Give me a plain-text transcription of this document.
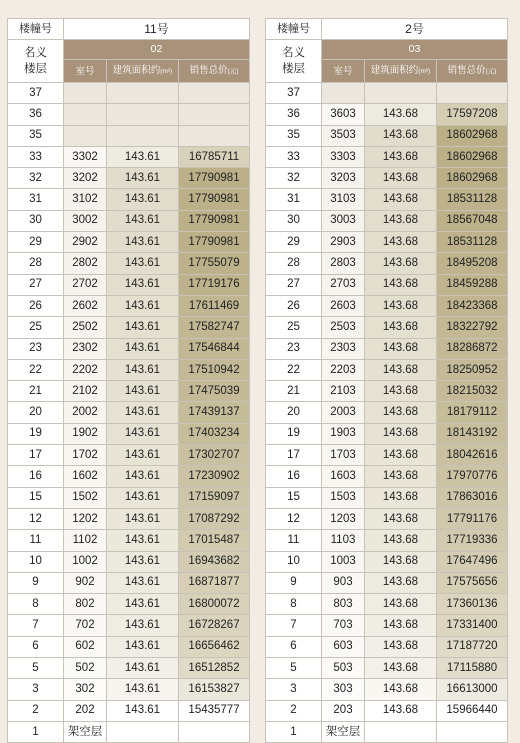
楼幢号	11号		

名义
楼层	02		
	室号	建筑面积约(m²)	销售总价(元)
37			
36			
35			
33	3302	143.61	16785711
32	3202	143.61	17790981
31	3102	143.61	17790981
30	3002	143.61	17790981
29	2902	143.61	17790981
28	2802	143.61	17755079
27	2702	143.61	17719176
26	2602	143.61	17611469
25	2502	143.61	17582747
23	2302	143.61	17546844
22	2202	143.61	17510942
21	2102	143.61	17475039
20	2002	143.61	17439137
19	1902	143.61	17403234
17	1702	143.61	17302707
16	1602	143.61	17230902
15	1502	143.61	17159097
12	1202	143.61	17087292
11	1102	143.61	17015487
10	1002	143.61	16943682
9	902	143.61	16871877
8	802	143.61	16800072
7	702	143.61	16728267
6	602	143.61	16656462
5	502	143.61	16512852
3	302	143.61	16153827
2	202	143.61	15435777
1	架空层		
楼幢号	2号		

名义
楼层	03		
	室号	建筑面积约(m²)	销售总价(元)
37			
36	3603	143.68	17597208
35	3503	143.68	18602968
33	3303	143.68	18602968
32	3203	143.68	18602968
31	3103	143.68	18531128
30	3003	143.68	18567048
29	2903	143.68	18531128
28	2803	143.68	18495208
27	2703	143.68	18459288
26	2603	143.68	18423368
25	2503	143.68	18322792
23	2303	143.68	18286872
22	2203	143.68	18250952
21	2103	143.68	18215032
20	2003	143.68	18179112
19	1903	143.68	18143192
17	1703	143.68	18042616
16	1603	143.68	17970776
15	1503	143.68	17863016
12	1203	143.68	17791176
11	1103	143.68	17719336
10	1003	143.68	17647496
9	903	143.68	17575656
8	803	143.68	17360136
7	703	143.68	17331400
6	603	143.68	17187720
5	503	143.68	17115880
3	303	143.68	16613000
2	203	143.68	15966440
1	架空层		
